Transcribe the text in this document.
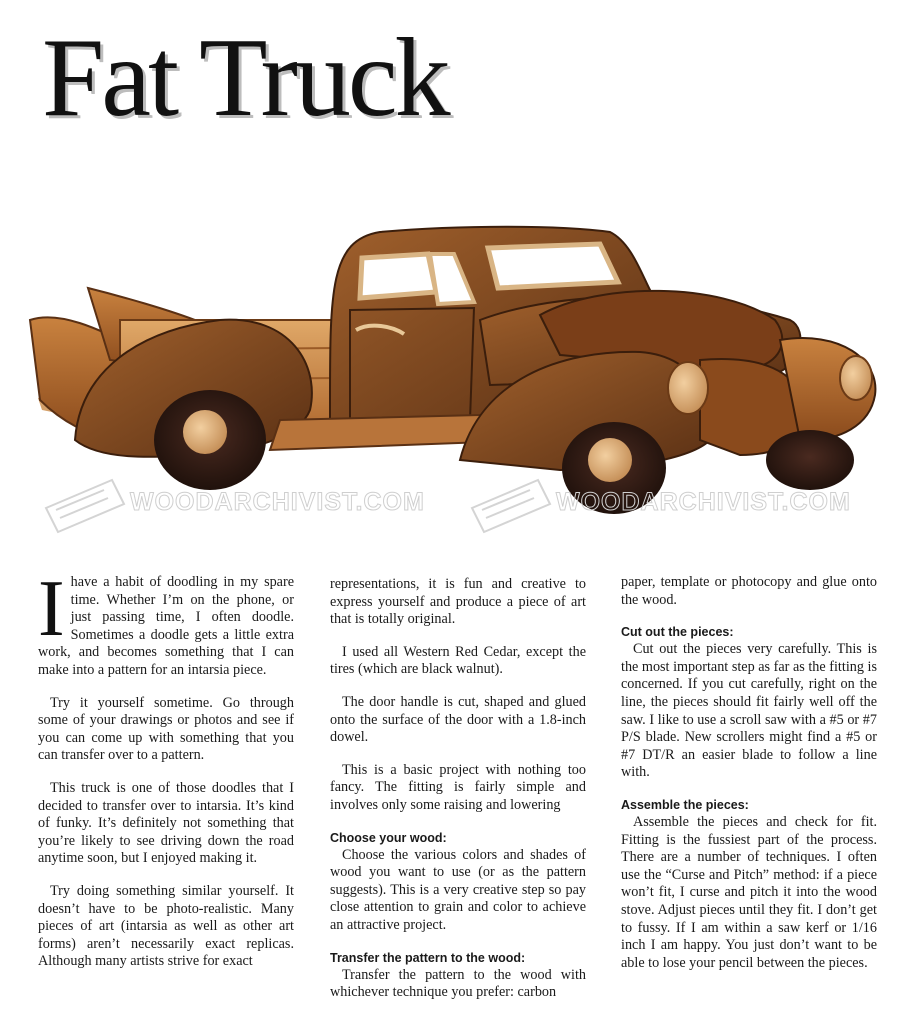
Fat Truck
WOODARCHIVIST.COM	WOODARCHIVIST.COM

Ihave a habit of doodling in my spare time. Whether I’m on the phone, or just passing time, I often doodle. Sometimes a doodle gets a little extra work, and becomes something that I can make into a pattern for an intarsia piece.

Try it yourself sometime. Go through some of your drawings or photos and see if you can come up with something that you can transfer over to a pattern.

This truck is one of those doodles that I decided to transfer over to intarsia. It’s kind of funky. It’s definitely not something that you’re likely to see driving down the road anytime soon, but I enjoyed making it.

Try doing something similar yourself. It doesn’t have to be photo-realistic. Many pieces of art (intarsia as well as other art forms) aren’t necessarily exact replicas. Although many artists strive for exact

representations, it is fun and creative to express yourself and produce a piece of art that is totally original.

I used all Western Red Cedar, except the tires (which are black walnut).

The door handle is cut, shaped and glued onto the surface of the door with a 1.8-inch dowel.

This is a basic project with nothing too fancy. The fitting is fairly simple and involves only some raising and lowering

Choose your wood:

Choose the various colors and shades of wood you want to use (or as the pattern suggests). This is a very creative step so pay close attention to grain and color to achieve an attractive project.

Transfer the pattern to the wood:

Transfer the pattern to the wood with whichever technique you prefer: carbon

paper, template or photocopy and glue onto the wood.

Cut out the pieces:

Cut out the pieces very carefully. This is the most important step as far as the fitting is concerned. If you cut carefully, right on the line, the pieces should fit fairly well off the saw. I like to use a scroll saw with a #5 or #7 P/S blade. New scrollers might find a #5 or #7 DT/R an easier blade to follow a line with.

Assemble the pieces:

Assemble the pieces and check for fit. Fitting is the fussiest part of the process. There are a number of techniques. I often use the “Curse and Pitch” method: if a piece won’t fit, I curse and pitch it into the wood stove. Adjust pieces until they fit. I don’t get to fussy. If I am within a saw kerf or 1/16 inch I am happy. You just don’t want to be able to lose your pencil between the pieces.
